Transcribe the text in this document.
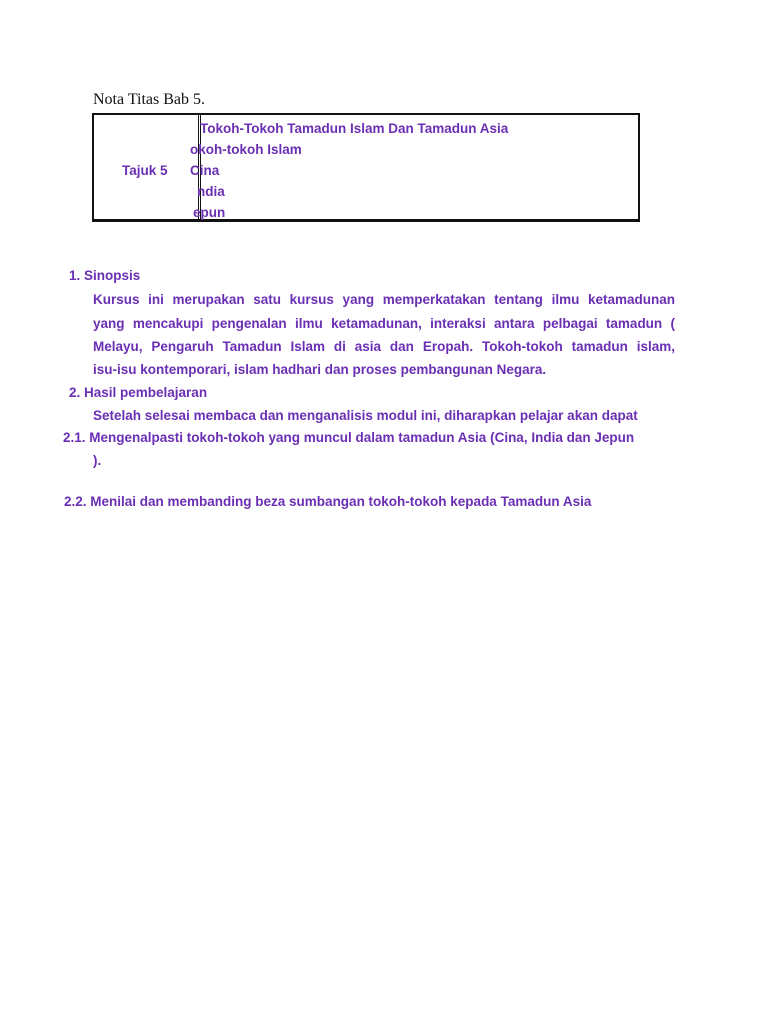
Nota Titas Bab 5.
Tajuk 5
Tokoh-Tokoh Tamadun Islam Dan Tamadun Asia
okoh-tokoh Islam
Cina
ndia
epun
1. Sinopsis
Kursus ini merupakan satu kursus yang memperkatakan tentang ilmu ketamadunan
yang mencakupi pengenalan ilmu ketamadunan, interaksi antara pelbagai tamadun (
Melayu, Pengaruh Tamadun Islam di asia dan Eropah. Tokoh-tokoh tamadun islam,
isu-isu kontemporari, islam hadhari dan proses pembangunan Negara.
2. Hasil pembelajaran
Setelah selesai membaca dan menganalisis modul ini, diharapkan pelajar akan dapat
2.1. Mengenalpasti tokoh-tokoh yang muncul dalam tamadun Asia (Cina, India dan Jepun
).
2.2. Menilai dan membanding beza sumbangan tokoh-tokoh kepada Tamadun Asia
